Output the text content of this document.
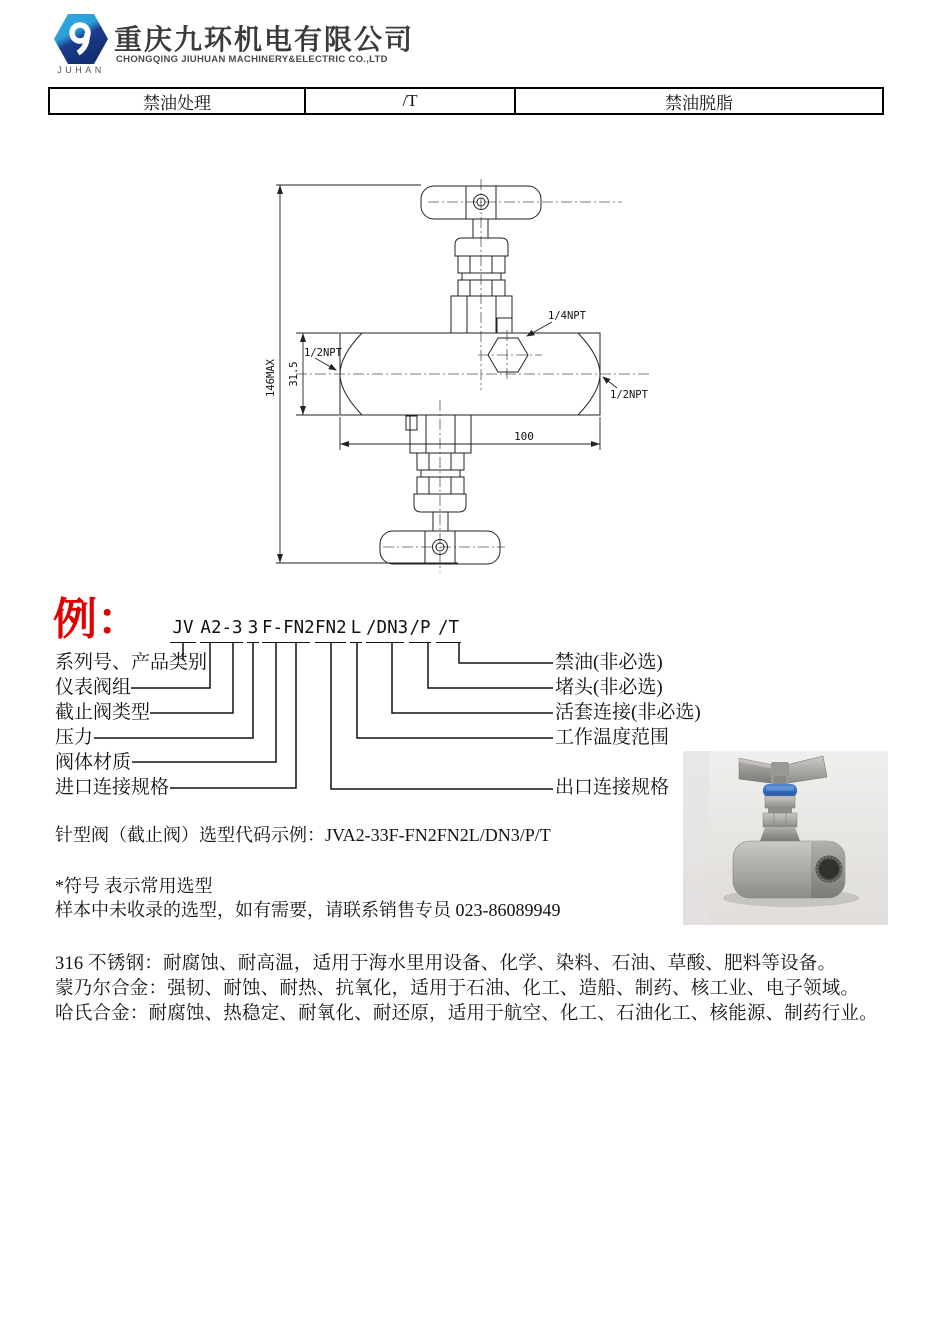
JUHAN
重庆九环机电有限公司
CHONGQING JIUHUAN MACHINERY&ELECTRIC CO.,LTD
禁油处理	/T	禁油脱脂
146MAX 31.5
100
1/2NPT
1/4NPT
1/2NPT
例： JV A2-3 3 F-FN2 FN2 L /DN3 /P /T
系列号、产品类别
仪表阀组
截止阀类型
压力
阀体材质
进口连接规格
禁油(非必选)
堵头(非必选)
活套连接(非必选)
工作温度范围
出口连接规格
针型阀（截止阀）选型代码示例：JVA2-33F-FN2FN2L/DN3/P/T
*符号 表示常用选型
样本中未收录的选型，如有需要，请联系销售专员 023-86089949
316 不锈钢：耐腐蚀、耐高温，适用于海水里用设备、化学、染料、石油、草酸、肥料等设备。
蒙乃尔合金：强韧、耐蚀、耐热、抗氧化，适用于石油、化工、造船、制药、核工业、电子领域。
哈氏合金：耐腐蚀、热稳定、耐氧化、耐还原，适用于航空、化工、石油化工、核能源、制药行业。
